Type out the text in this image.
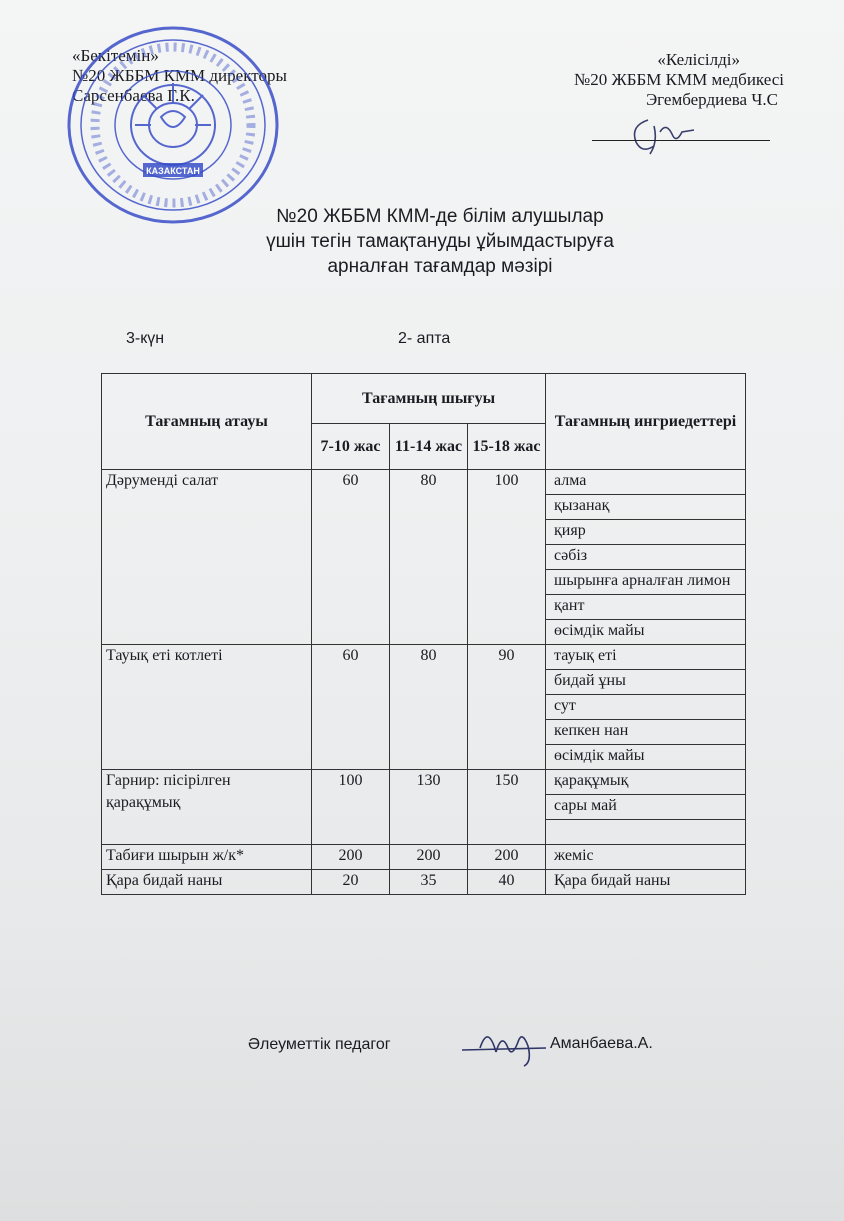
«Бекітемін»
№20 ЖББМ КММ директоры
Сарсенбаева Г.К.
КАЗАКСТАН
«Келісілді»
№20 ЖББМ КММ медбикесі
Эгембердиева Ч.С
№20 ЖББМ КММ-де білім алушылар
үшін тегін тамақтануды ұйымдастыруға
арналған тағамдар мәзірі
3-күн	2- апта
Тағамның атауы	Тағамның шығуы			Тағамның ингриедеттері
	7-10 жас	11-14 жас	15-18 жас	
Дәруменді салат	60	80	100	алма
				қызанақ
				қияр
				сәбіз
				шырынға арналған лимон
				қант
				өсімдік майы
Тауық еті котлеті	60	80	90	тауық еті
				бидай ұны
				сут
				кепкен нан
				өсімдік майы
Гарнир: пісірілген қарақұмық	100	130	150	қарақұмық
				сары май

Табиғи шырын ж/к*	200	200	200	жеміс
Қара бидай наны	20	35	40	Қара бидай наны
Әлеуметтік педагог	Аманбаева.А.
